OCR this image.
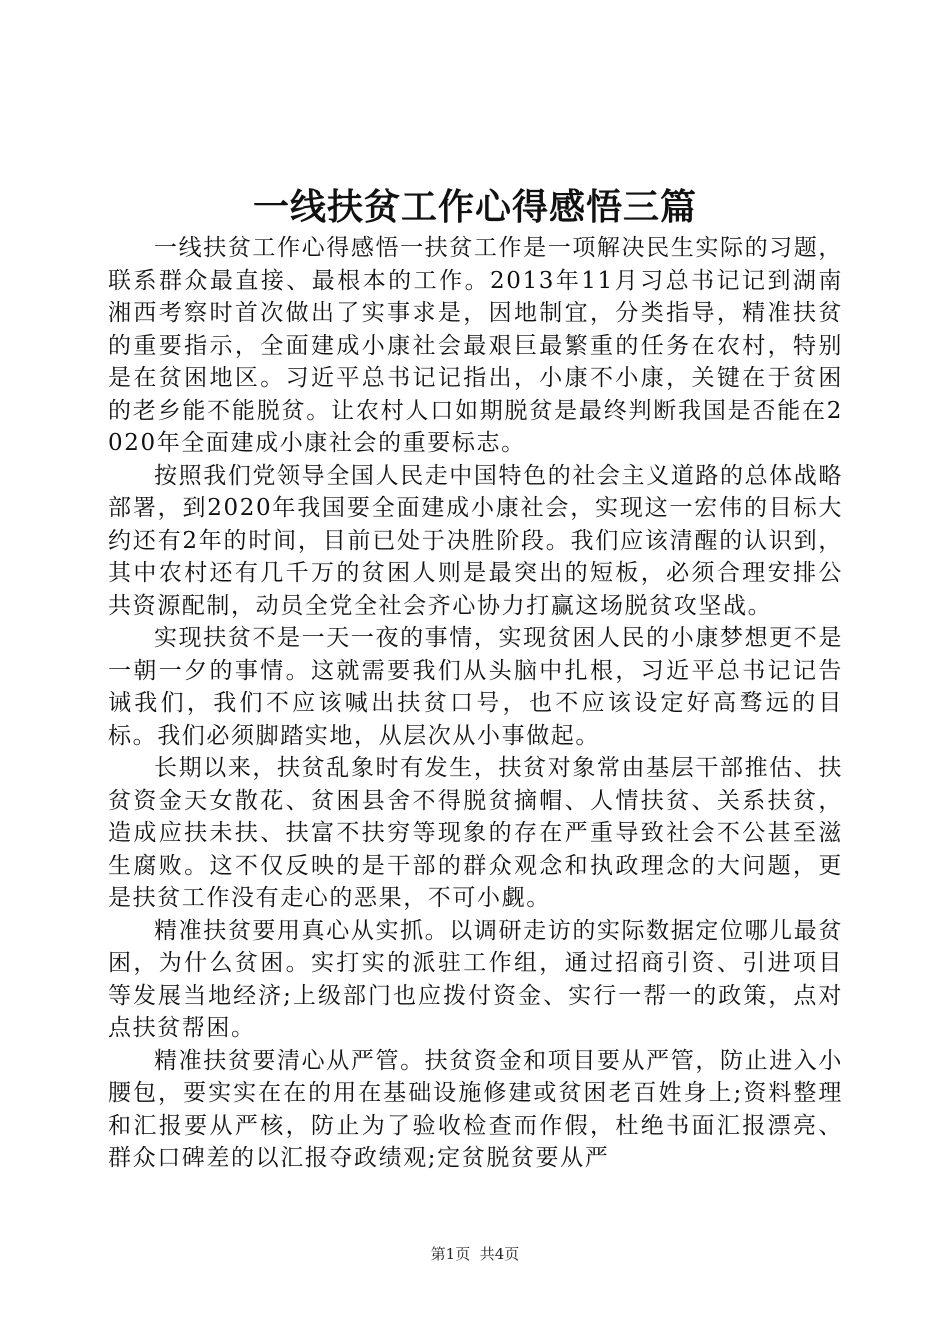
一线扶贫工作心得感悟三篇

一线扶贫工作心得感悟一扶贫工作是一项解决民生实际的习题，联系群众最直接、最根本的工作。2013年11月习总书记记到湖南湘西考察时首次做出了实事求是，因地制宜，分类指导，精准扶贫的重要指示，全面建成小康社会最艰巨最繁重的任务在农村，特别是在贫困地区。习近平总书记记指出，小康不小康，关键在于贫困的老乡能不能脱贫。让农村人口如期脱贫是最终判断我国是否能在2020年全面建成小康社会的重要标志。

按照我们党领导全国人民走中国特色的社会主义道路的总体战略部署，到2020年我国要全面建成小康社会，实现这一宏伟的目标大约还有2年的时间，目前已处于决胜阶段。我们应该清醒的认识到，其中农村还有几千万的贫困人则是最突出的短板，必须合理安排公共资源配制，动员全党全社会齐心协力打赢这场脱贫攻坚战。

实现扶贫不是一天一夜的事情，实现贫困人民的小康梦想更不是一朝一夕的事情。这就需要我们从头脑中扎根，习近平总书记记告诫我们，我们不应该喊出扶贫口号，也不应该设定好高骛远的目标。我们必须脚踏实地，从层次从小事做起。

长期以来，扶贫乱象时有发生，扶贫对象常由基层干部推估、扶贫资金天女散花、贫困县舍不得脱贫摘帽、人情扶贫、关系扶贫，造成应扶未扶、扶富不扶穷等现象的存在严重导致社会不公甚至滋生腐败。这不仅反映的是干部的群众观念和执政理念的大问题，更是扶贫工作没有走心的恶果，不可小觑。

精准扶贫要用真心从实抓。以调研走访的实际数据定位哪儿最贫困，为什么贫困。实打实的派驻工作组，通过招商引资、引进项目等发展当地经济;上级部门也应拨付资金、实行一帮一的政策，点对点扶贫帮困。

精准扶贫要清心从严管。扶贫资金和项目要从严管，防止进入小腰包，要实实在在的用在基础设施修建或贫困老百姓身上;资料整理和汇报要从严核，防止为了验收检查而作假，杜绝书面汇报漂亮、群众口碑差的以汇报夺政绩观;定贫脱贫要从严

第1页 共4页
